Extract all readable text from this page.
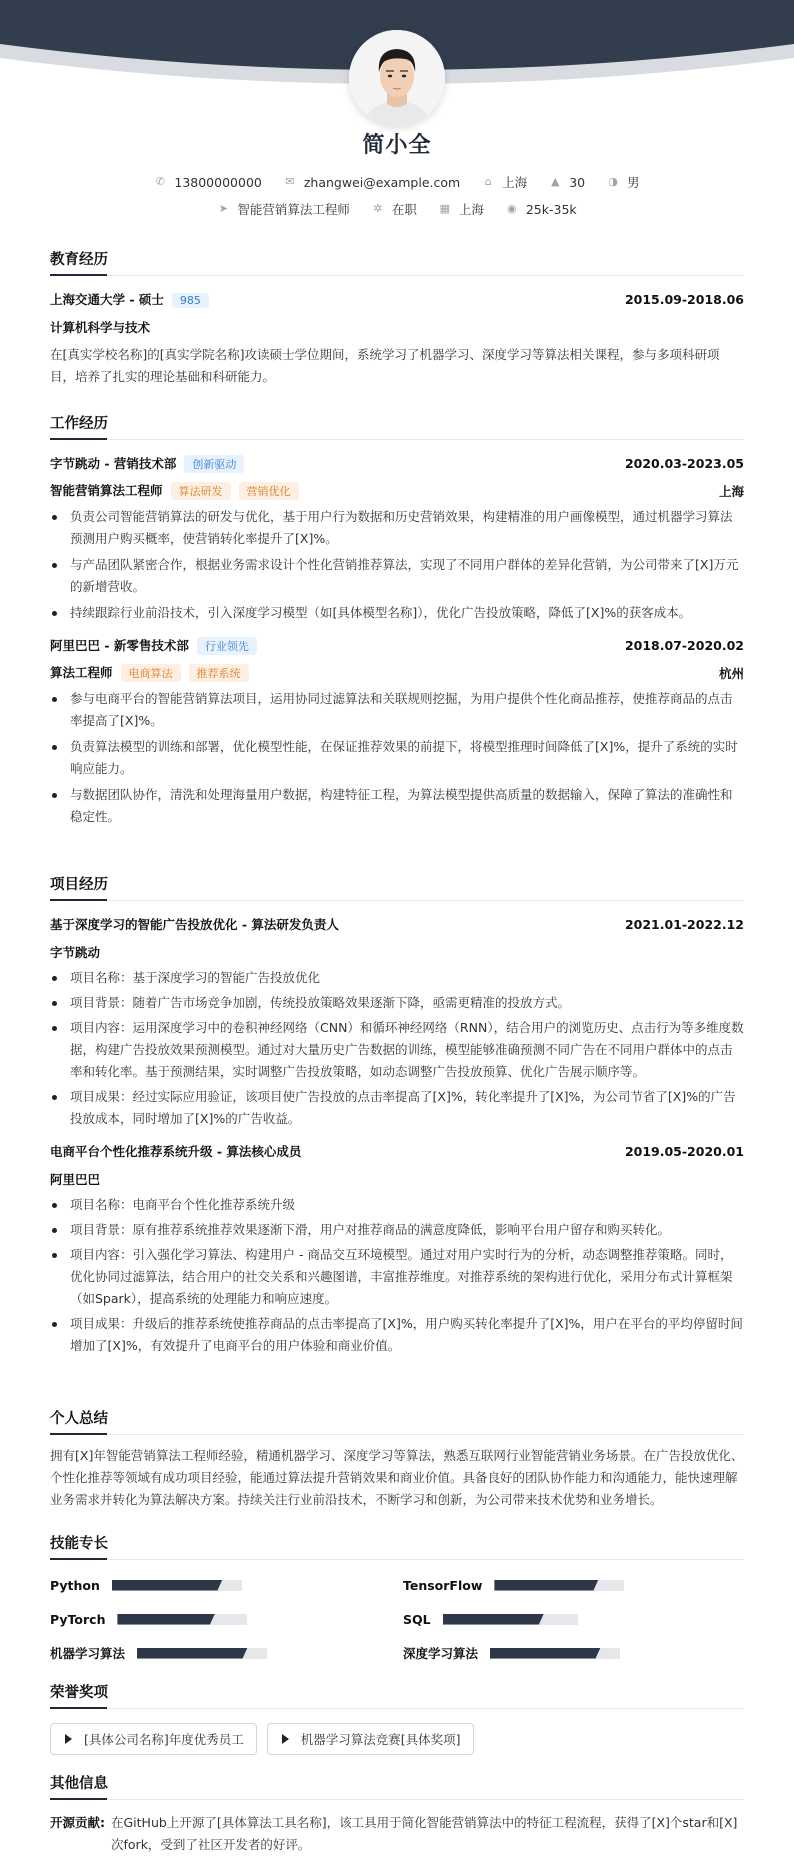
简小全
✆ 13800000000
✉ zhangwei@example.com
⌂ 上海
▲ 30
◑ 男
➤ 智能营销算法工程师
✲ 在职
▦ 上海
◉ 25k-35k
教育经历
上海交通大学 - 硕士 985	2015.09-2018.06
计算机科学与技术
在[真实学校名称]的[真实学院名称]攻读硕士学位期间，系统学习了机器学习、深度学习等算法相关课程，参与多项科研项目，培养了扎实的理论基础和科研能力。
工作经历
字节跳动 - 营销技术部 创新驱动	2020.03-2023.05
智能营销算法工程师 算法研发 营销优化	上海
负责公司智能营销算法的研发与优化，基于用户行为数据和历史营销效果，构建精准的用户画像模型，通过机器学习算法预测用户购买概率，使营销转化率提升了[X]%。
与产品团队紧密合作，根据业务需求设计个性化营销推荐算法，实现了不同用户群体的差异化营销，为公司带来了[X]万元的新增营收。
持续跟踪行业前沿技术，引入深度学习模型（如[具体模型名称]），优化广告投放策略，降低了[X]%的获客成本。
阿里巴巴 - 新零售技术部 行业领先	2018.07-2020.02
算法工程师 电商算法 推荐系统	杭州
参与电商平台的智能营销算法项目，运用协同过滤算法和关联规则挖掘，为用户提供个性化商品推荐，使推荐商品的点击率提高了[X]%。
负责算法模型的训练和部署，优化模型性能，在保证推荐效果的前提下，将模型推理时间降低了[X]%，提升了系统的实时响应能力。
与数据团队协作，清洗和处理海量用户数据，构建特征工程，为算法模型提供高质量的数据输入，保障了算法的准确性和稳定性。
项目经历
基于深度学习的智能广告投放优化 - 算法研发负责人	2021.01-2022.12
字节跳动
项目名称：基于深度学习的智能广告投放优化
项目背景：随着广告市场竞争加剧，传统投放策略效果逐渐下降，亟需更精准的投放方式。
项目内容：运用深度学习中的卷积神经网络（CNN）和循环神经网络（RNN），结合用户的浏览历史、点击行为等多维度数据，构建广告投放效果预测模型。通过对大量历史广告数据的训练，模型能够准确预测不同广告在不同用户群体中的点击率和转化率。基于预测结果，实时调整广告投放策略，如动态调整广告投放预算、优化广告展示顺序等。
项目成果：经过实际应用验证，该项目使广告投放的点击率提高了[X]%，转化率提升了[X]%，为公司节省了[X]%的广告投放成本，同时增加了[X]%的广告收益。
电商平台个性化推荐系统升级 - 算法核心成员	2019.05-2020.01
阿里巴巴
项目名称：电商平台个性化推荐系统升级
项目背景：原有推荐系统推荐效果逐渐下滑，用户对推荐商品的满意度降低，影响平台用户留存和购买转化。
项目内容：引入强化学习算法、构建用户 - 商品交互环境模型。通过对用户实时行为的分析，动态调整推荐策略。同时，优化协同过滤算法，结合用户的社交关系和兴趣图谱，丰富推荐维度。对推荐系统的架构进行优化，采用分布式计算框架（如Spark），提高系统的处理能力和响应速度。
项目成果：升级后的推荐系统使推荐商品的点击率提高了[X]%，用户购买转化率提升了[X]%，用户在平台的平均停留时间增加了[X]%，有效提升了电商平台的用户体验和商业价值。
个人总结
拥有[X]年智能营销算法工程师经验，精通机器学习、深度学习等算法，熟悉互联网行业智能营销业务场景。在广告投放优化、个性化推荐等领域有成功项目经验，能通过算法提升营销效果和商业价值。具备良好的团队协作能力和沟通能力，能快速理解业务需求并转化为算法解决方案。持续关注行业前沿技术，不断学习和创新，为公司带来技术优势和业务增长。
技能专长
Python	TensorFlow
PyTorch	SQL
机器学习算法	深度学习算法
荣誉奖项
[具体公司名称]年度优秀员工	机器学习算法竞赛[具体奖项]
其他信息
开源贡献: 在GitHub上开源了[具体算法工具名称]，该工具用于简化智能营销算法中的特征工程流程，获得了[X]个star和[X]次fork，受到了社区开发者的好评。
